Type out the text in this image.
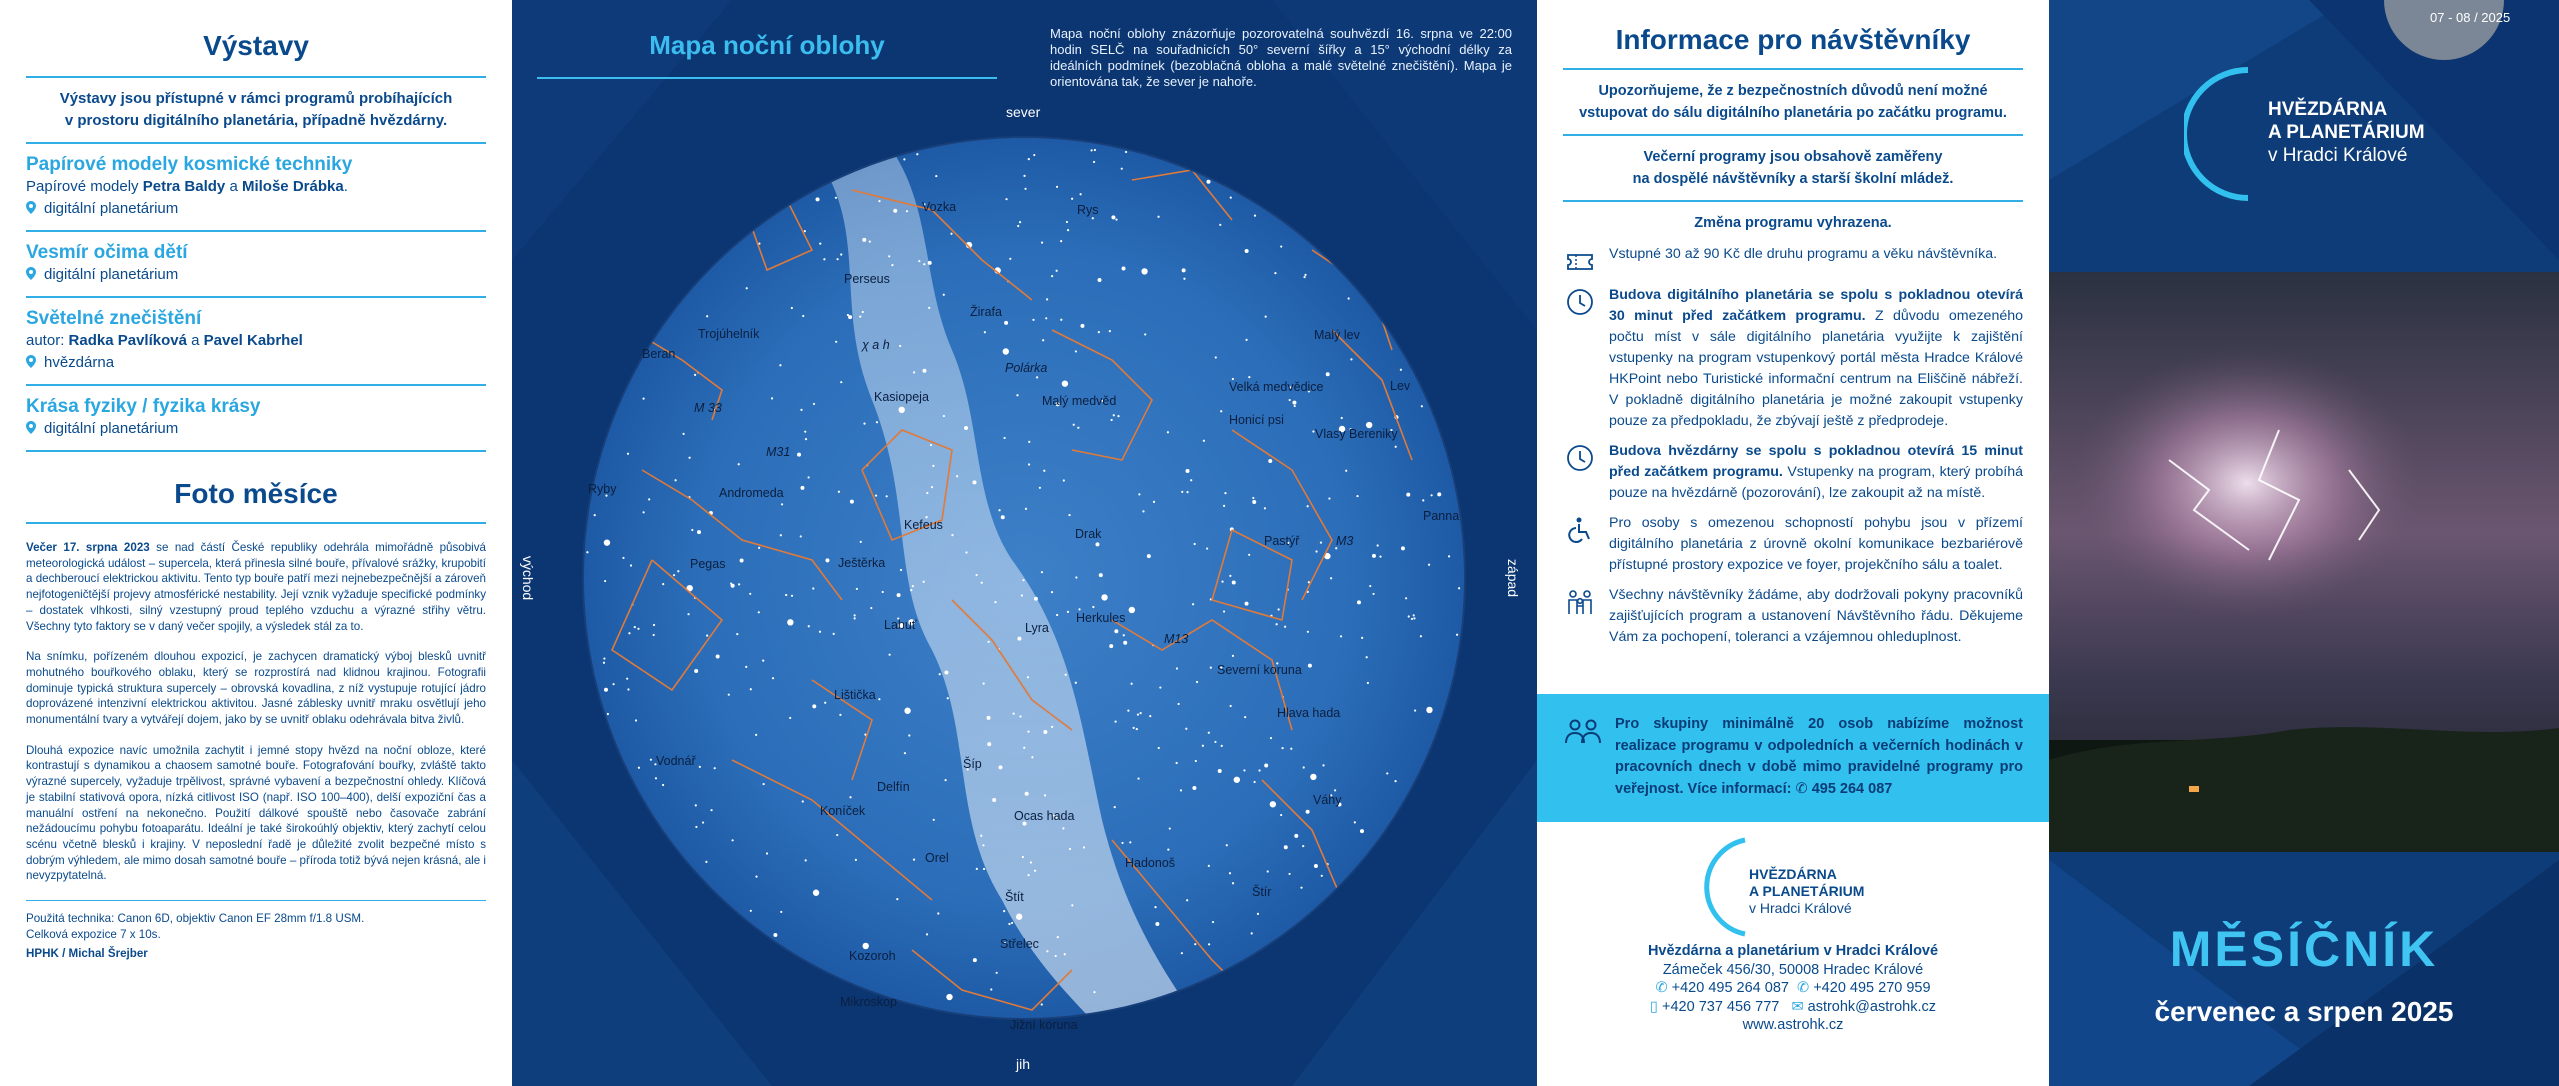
Výstavy
Výstavy jsou přístupné v rámci programů probíhajících
v prostoru digitálního planetária, případně hvězdárny.
Papírové modely kosmické techniky
Papírové modely Petra Baldy a Miloše Drábka.
digitální planetárium
Vesmír očima dětí
digitální planetárium
Světelné znečištění
autor: Radka Pavlíková a Pavel Kabrhel
hvězdárna
Krása fyziky / fyzika krásy
digitální planetárium
Foto měsíce
Večer 17. srpna 2023 se nad částí České republiky odehrála mimořádně působivá meteorologická událost – supercela, která přinesla silné bouře, přívalové srážky, krupobití a dechberoucí elektrickou aktivitu. Tento typ bouře patří mezi nejnebezpečnější a zároveň nejfotogeničtější projevy atmosférické nestability. Její vznik vyžaduje specifické podmínky – dostatek vlhkosti, silný vzestupný proud teplého vzduchu a výrazné střihy větru. Všechny tyto faktory se v daný večer spojily, a výsledek stál za to.
Na snímku, pořízeném dlouhou expozicí, je zachycen dramatický výboj blesků uvnitř mohutného bouřkového oblaku, který se rozprostírá nad klidnou krajinou. Fotografii dominuje typická struktura supercely – obrovská kovadlina, z níž vystupuje rotující jádro doprovázené intenzivní elektrickou aktivitou. Jasné záblesky uvnitř mraku osvětlují jeho monumentální tvary a vytvářejí dojem, jako by se uvnitř oblaku odehrávala bitva živlů.
Dlouhá expozice navíc umožnila zachytit i jemné stopy hvězd na noční obloze, které kontrastují s dynamikou a chaosem samotné bouře. Fotografování bouřky, zvláště takto výrazné supercely, vyžaduje trpělivost, správné vybavení a bezpečnostní ohledy. Klíčová je stabilní stativová opora, nízká citlivost ISO (např. ISO 100–400), delší expoziční čas a manuální ostření na nekonečno. Použití dálkové spouště nebo časovače zabrání nežádoucímu pohybu fotoaparátu. Ideální je také širokoúhlý objektiv, který zachytí celou scénu včetně blesků i krajiny. V neposlední řadě je důležité zvolit bezpečné místo s dobrým výhledem, ale mimo dosah samotné bouře – příroda totiž bývá nejen krásná, ale i nevyzpytatelná.
Použitá technika: Canon 6D, objektiv Canon EF 28mm f/1.8 USM.
Celková expozice 7 x 10s.
HPHK / Michal Šrejber
Mapa noční oblohy	Mapa noční oblohy znázorňuje pozorovatelná souhvězdí 16. srpna ve 22:00 hodin SELČ na souřadnicích 50° severní šířky a 15° východní délky za ideálních podmínek (bezoblačná obloha a malé světelné znečištění). Mapa je orientována tak, že sever je nahoře.
sever
jih
východ	západ
Vozka	Rys
Perseus
Žirafa
χ a h
Trojúhelník
Beran
Polárka
Kasiopeja	Malý medvěd
Malý lev
Velká medvědice	Lev
Honicí psi
Vlasy Bereniky
M 33
M31
Andromeda
Ryby
Kefeus
Drak	Pastýř	M3
Panna
Pegas	Ještěrka
Labuť	Lyra
Herkules
M13
Severní koruna
Hlava hada
Lištička
Vodnář	Šíp
Delfín
Koníček
Orel
Ocas hada
Hadonoš
Váhy
Štít
Střelec
Štír
Kozoroh
Mikroskop
Jižní koruna
Informace pro návštěvníky
Upozorňujeme, že z bezpečnostních důvodů není možné
vstupovat do sálu digitálního planetária po začátku programu.
Večerní programy jsou obsahově zaměřeny
na dospělé návštěvníky a starší školní mládež.
Změna programu vyhrazena.
Vstupné 30 až 90 Kč dle druhu programu a věku návštěvníka.
Budova digitálního planetária se spolu s pokladnou otevírá 30 minut před začátkem programu. Z důvodu omezeného počtu míst v sále digitálního planetária využijte k zajištění vstupenky na program vstupenkový portál města Hradce Králové HKPoint nebo Turistické informační centrum na Eliščině nábřeží. V pokladně digitálního planetária je možné zakoupit vstupenky pouze za předpokladu, že zbývají ještě z předprodeje.
Budova hvězdárny se spolu s pokladnou otevírá 15 minut před začátkem programu. Vstupenky na program, který probíhá pouze na hvězdárně (pozorování), lze zakoupit až na místě.
Pro osoby s omezenou schopností pohybu jsou v přízemí digitálního planetária z úrovně okolní komunikace bezbariérově přístupné prostory expozice ve foyer, projekčního sálu a toalet.
Všechny návštěvníky žádáme, aby dodržovali pokyny pracovníků zajišťujících program a ustanovení Návštěvního řádu. Děkujeme Vám za pochopení, toleranci a vzájemnou ohleduplnost.
HVĚZDÁRNA
A PLANETÁRIUM
v Hradci Králové
Hvězdárna a planetárium v Hradci Králové
Zámeček 456/30, 50008 Hradec Králové
✆ +420 495 264 087 ✆ +420 495 270 959
▯ +420 737 456 777 ✉ astrohk@astrohk.cz
www.astrohk.cz
Pro skupiny minimálně 20 osob nabízíme možnost realizace programu v odpoledních a večerních hodinách v pracovních dnech v době mimo pravidelné programy pro veřejnost. Více informací: ✆ 495 264 087
07 - 08 / 2025
HVĚZDÁRNA
A PLANETÁRIUM
v Hradci Králové
MĚSÍČNÍK
červenec a srpen 2025
